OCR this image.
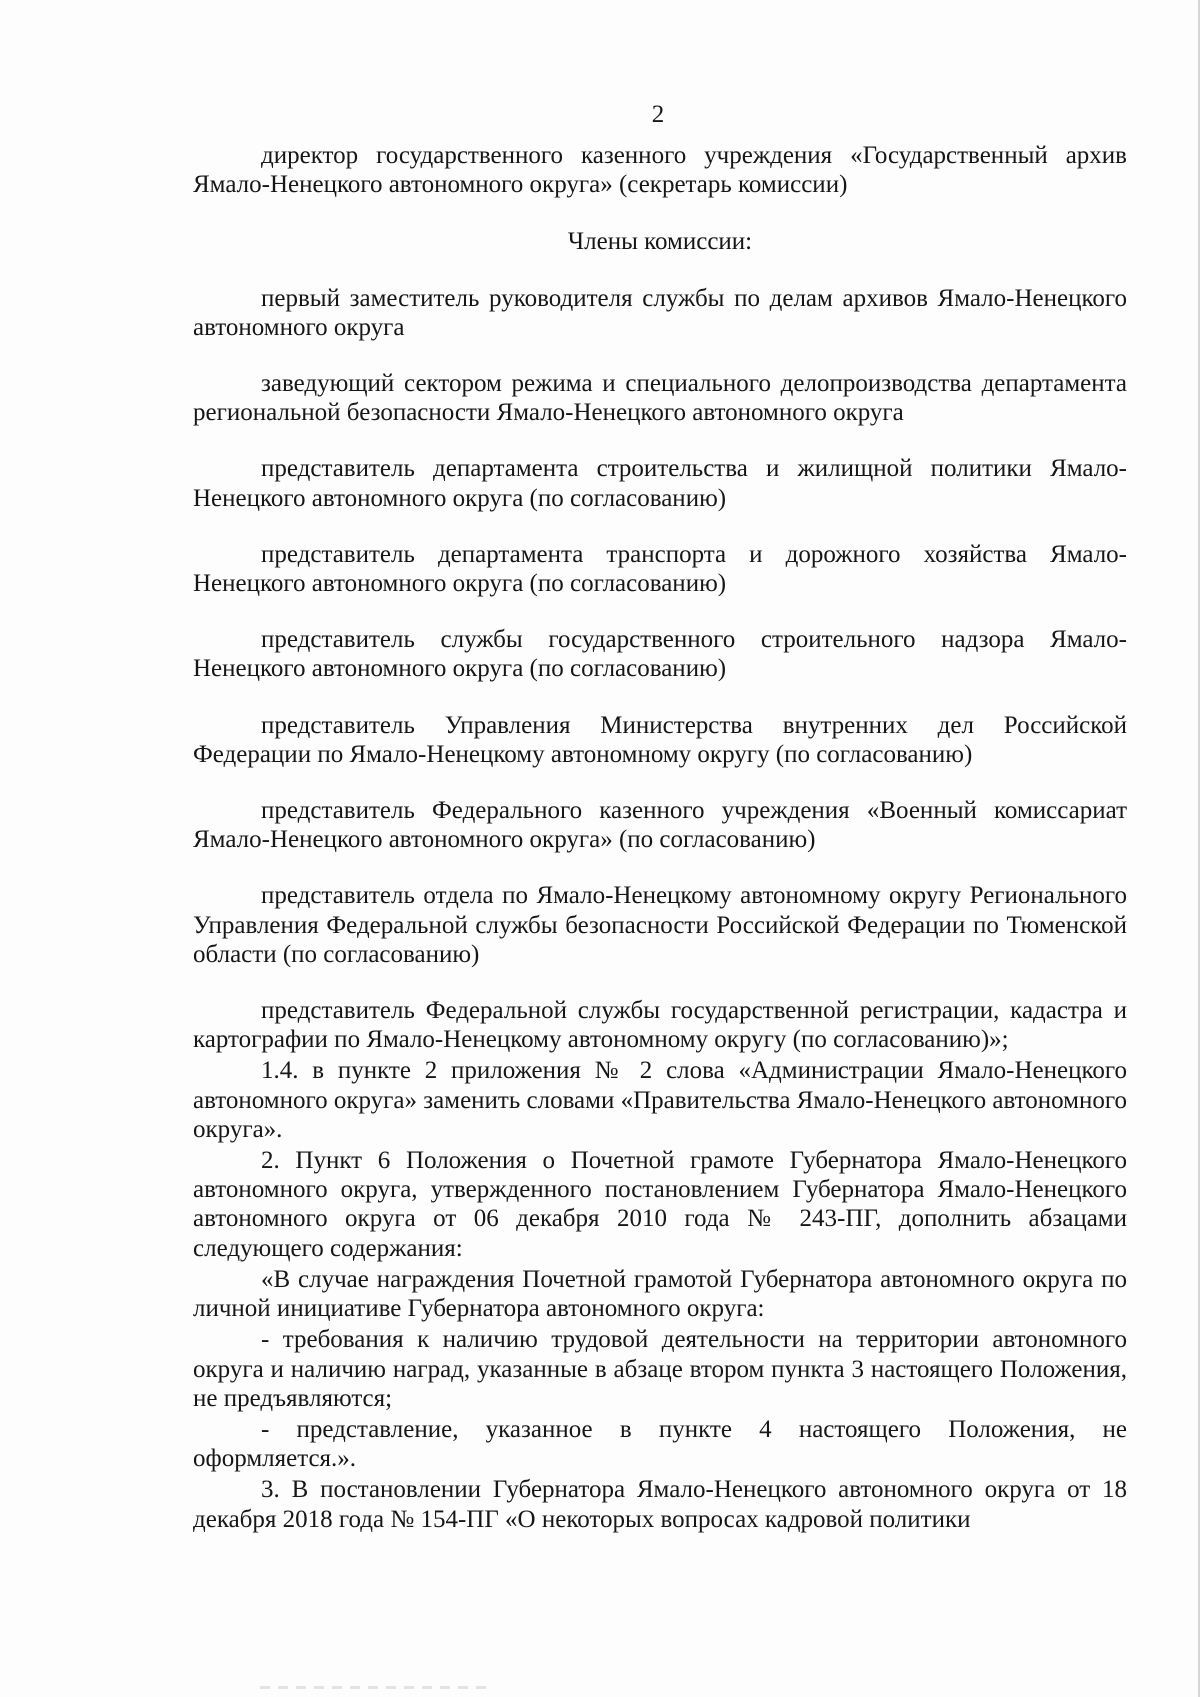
2

директор государственного казенного учреждения «Государственный архив Ямало-Ненецкого автономного округа» (секретарь комиссии)

Члены комиссии:

первый заместитель руководителя службы по делам архивов Ямало-Ненецкого автономного округа

заведующий сектором режима и специального делопроизводства департамента региональной безопасности Ямало-Ненецкого автономного округа

представитель департамента строительства и жилищной политики Ямало-Ненецкого автономного округа (по согласованию)

представитель департамента транспорта и дорожного хозяйства Ямало-Ненецкого автономного округа (по согласованию)

представитель службы государственного строительного надзора Ямало-Ненецкого автономного округа (по согласованию)

представитель Управления Министерства внутренних дел Российской Федерации по Ямало-Ненецкому автономному округу (по согласованию)

представитель Федерального казенного учреждения «Военный комиссариат Ямало-Ненецкого автономного округа» (по согласованию)

представитель отдела по Ямало-Ненецкому автономному округу Регионального Управления Федеральной службы безопасности Российской Федерации по Тюменской области (по согласованию)

представитель Федеральной службы государственной регистрации, кадастра и картографии по Ямало-Ненецкому автономному округу (по согласованию)»;

1.4. в пункте 2 приложения № 2 слова «Администрации Ямало-Ненецкого автономного округа» заменить словами «Правительства Ямало-Ненецкого автономного округа».

2. Пункт 6 Положения о Почетной грамоте Губернатора Ямало-Ненецкого автономного округа, утвержденного постановлением Губернатора Ямало-Ненецкого автономного округа от 06 декабря 2010 года № 243-ПГ, дополнить абзацами следующего содержания:

«В случае награждения Почетной грамотой Губернатора автономного округа по личной инициативе Губернатора автономного округа:

- требования к наличию трудовой деятельности на территории автономного округа и наличию наград, указанные в абзаце втором пункта 3 настоящего Положения, не предъявляются;

- представление, указанное в пункте 4 настоящего Положения, не оформляется.».

3. В постановлении Губернатора Ямало-Ненецкого автономного округа от 18 декабря 2018 года № 154-ПГ «О некоторых вопросах кадровой политики
